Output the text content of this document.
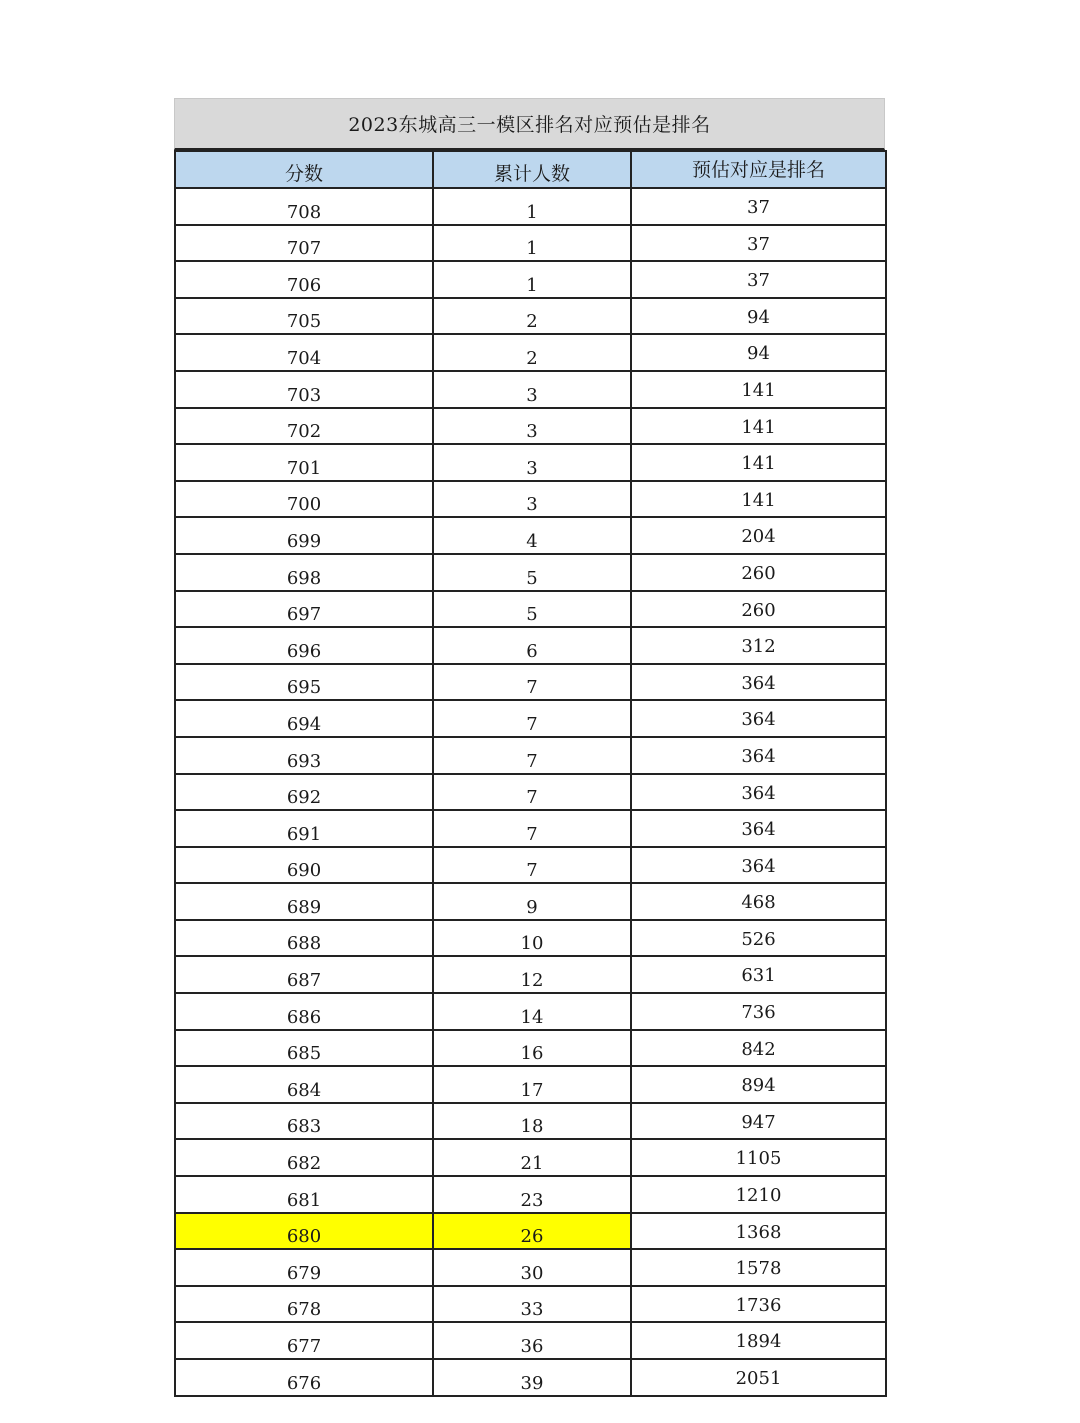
2023东城高三一模区排名对应预估是排名
分数	累计人数	预估对应是排名
708	1	37
707	1	37
706	1	37
705	2	94
704	2	94
703	3	141
702	3	141
701	3	141
700	3	141
699	4	204
698	5	260
697	5	260
696	6	312
695	7	364
694	7	364
693	7	364
692	7	364
691	7	364
690	7	364
689	9	468
688	10	526
687	12	631
686	14	736
685	16	842
684	17	894
683	18	947
682	21	1105
681	23	1210
680	26	1368
679	30	1578
678	33	1736
677	36	1894
676	39	2051
